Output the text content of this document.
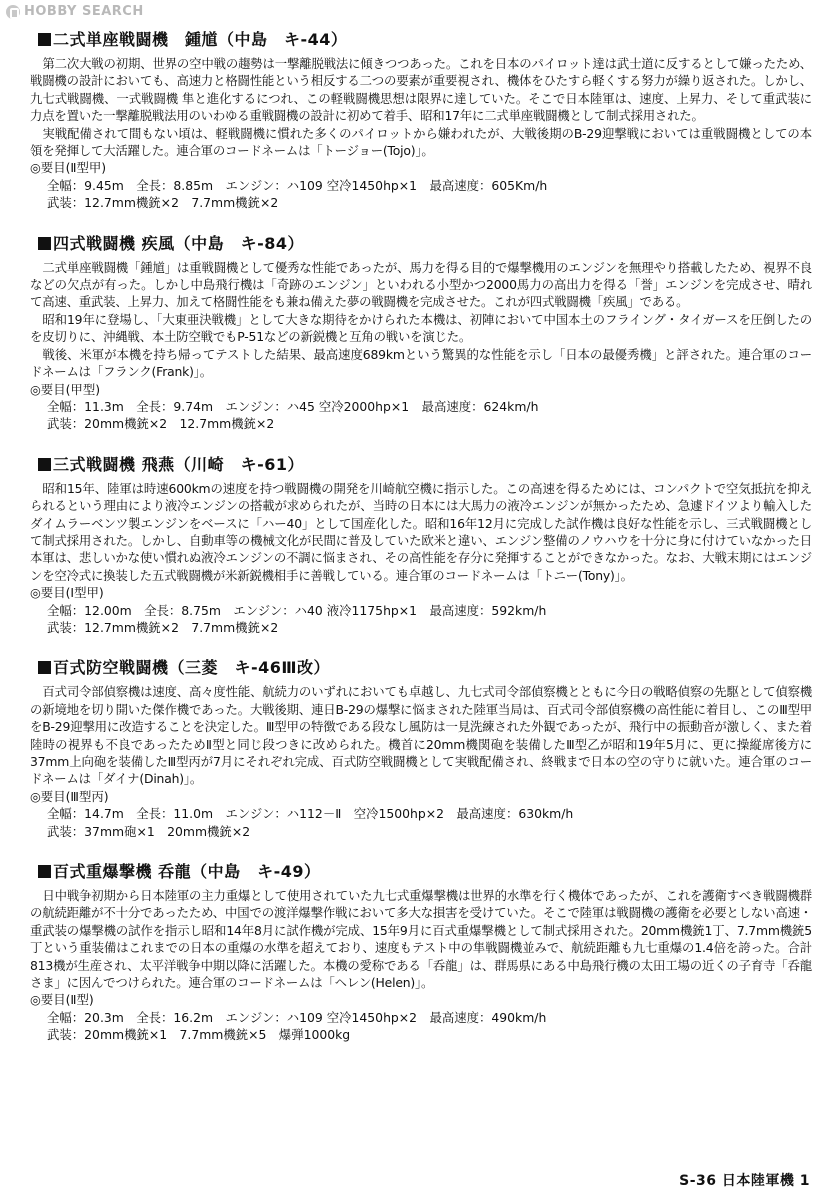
HOBBY SEARCH
二式単座戦闘機　鍾馗（中島　キ-44）

第二次大戦の初期、世界の空中戦の趨勢は一撃離脱戦法に傾きつつあった。これを日本のパイロット達は武士道に反するとして嫌ったため、戦闘機の設計においても、高速力と格闘性能という相反する二つの要素が重要視され、機体をひたすら軽くする努力が繰り返された。しかし、九七式戦闘機、一式戦闘機 隼と進化するにつれ、この軽戦闘機思想は限界に達していた。そこで日本陸軍は、速度、上昇力、そして重武装に力点を置いた一撃離脱戦法用のいわゆる重戦闘機の設計に初めて着手、昭和17年に二式単座戦闘機として制式採用された。

実戦配備されて間もない頃は、軽戦闘機に慣れた多くのパイロットから嫌われたが、大戦後期のB-29迎撃戦においては重戦闘機としての本領を発揮して大活躍した。連合軍のコードネームは「トージョー(Tojo)」。

◎要目(Ⅱ型甲)
全幅：9.45m　全長：8.85m　エンジン：ハ109 空冷1450hp×1　最高速度：605Km/h
武装：12.7mm機銃×2　7.7mm機銃×2
四式戦闘機 疾風（中島　キ-84）

二式単座戦闘機「鍾馗」は重戦闘機として優秀な性能であったが、馬力を得る目的で爆撃機用のエンジンを無理やり搭載したため、視界不良などの欠点が有った。しかし中島飛行機は「奇跡のエンジン」といわれる小型かつ2000馬力の高出力を得る「誉」エンジンを完成させ、晴れて高速、重武装、上昇力、加えて格闘性能をも兼ね備えた夢の戦闘機を完成させた。これが四式戦闘機「疾風」である。

昭和19年に登場し、「大東亜決戦機」として大きな期待をかけられた本機は、初陣において中国本土のフライング・タイガースを圧倒したのを皮切りに、沖縄戦、本土防空戦でもP-51などの新鋭機と互角の戦いを演じた。

戦後、米軍が本機を持ち帰ってテストした結果、最高速度689kmという驚異的な性能を示し「日本の最優秀機」と評された。連合軍のコードネームは「フランク(Frank)」。

◎要目(甲型)
全幅：11.3m　全長：9.74m　エンジン：ハ45 空冷2000hp×1　最高速度：624km/h
武装：20mm機銃×2　12.7mm機銃×2
三式戦闘機 飛燕（川崎　キ-61）

昭和15年、陸軍は時速600kmの速度を持つ戦闘機の開発を川崎航空機に指示した。この高速を得るためには、コンパクトで空気抵抗を抑えられるという理由により液冷エンジンの搭載が求められたが、当時の日本には大馬力の液冷エンジンが無かったため、急遽ドイツより輸入したダイムラーベンツ製エンジンをベースに「ハー40」として国産化した。昭和16年12月に完成した試作機は良好な性能を示し、三式戦闘機として制式採用された。しかし、自動車等の機械文化が民間に普及していた欧米と違い、エンジン整備のノウハウを十分に身に付けていなかった日本軍は、悲しいかな使い慣れぬ液冷エンジンの不調に悩まされ、その高性能を存分に発揮することができなかった。なお、大戦末期にはエンジンを空冷式に換装した五式戦闘機が米新鋭機相手に善戦している。連合軍のコードネームは「トニー(Tony)」。

◎要目(Ⅰ型甲)
全幅：12.00m　全長：8.75m　エンジン：ハ40 液冷1175hp×1　最高速度：592km/h
武装：12.7mm機銃×2　7.7mm機銃×2
百式防空戦闘機（三菱　キ-46Ⅲ改）

百式司令部偵察機は速度、高々度性能、航続力のいずれにおいても卓越し、九七式司令部偵察機とともに今日の戦略偵察の先駆として偵察機の新境地を切り開いた傑作機であった。大戦後期、連日B-29の爆撃に悩まされた陸軍当局は、百式司令部偵察機の高性能に着目し、このⅢ型甲をB-29迎撃用に改造することを決定した。Ⅲ型甲の特徴である段なし風防は一見洗練された外観であったが、飛行中の振動音が激しく、また着陸時の視界も不良であったためⅡ型と同じ段つきに改められた。機首に20mm機関砲を装備したⅢ型乙が昭和19年5月に、更に操縦席後方に37mm上向砲を装備したⅢ型丙が7月にそれぞれ完成、百式防空戦闘機として実戦配備され、終戦まで日本の空の守りに就いた。連合軍のコードネームは「ダイナ(Dinah)」。

◎要目(Ⅲ型丙)
全幅：14.7m　全長：11.0m　エンジン：ハ112－Ⅱ　空冷1500hp×2　最高速度：630km/h
武装：37mm砲×1　20mm機銃×2
百式重爆撃機 呑龍（中島　キ-49）

日中戦争初期から日本陸軍の主力重爆として使用されていた九七式重爆撃機は世界的水準を行く機体であったが、これを護衛すべき戦闘機群の航続距離が不十分であったため、中国での渡洋爆撃作戦において多大な損害を受けていた。そこで陸軍は戦闘機の護衛を必要としない高速・重武装の爆撃機の試作を指示し昭和14年8月に試作機が完成、15年9月に百式重爆撃機として制式採用された。20mm機銃1丁、7.7mm機銃5丁という重装備はこれまでの日本の重爆の水準を超えており、速度もテスト中の隼戦闘機並みで、航続距離も九七重爆の1.4倍を誇った。合計813機が生産され、太平洋戦争中期以降に活躍した。本機の愛称である「呑龍」は、群馬県にある中島飛行機の太田工場の近くの子育寺「呑龍さま」に因んでつけられた。連合軍のコードネームは「ヘレン(Helen)」。

◎要目(Ⅱ型)
全幅：20.3m　全長：16.2m　エンジン：ハ109 空冷1450hp×2　最高速度：490km/h
武装：20mm機銃×1　7.7mm機銃×5　爆弾1000kg
S-36 日本陸軍機 1
